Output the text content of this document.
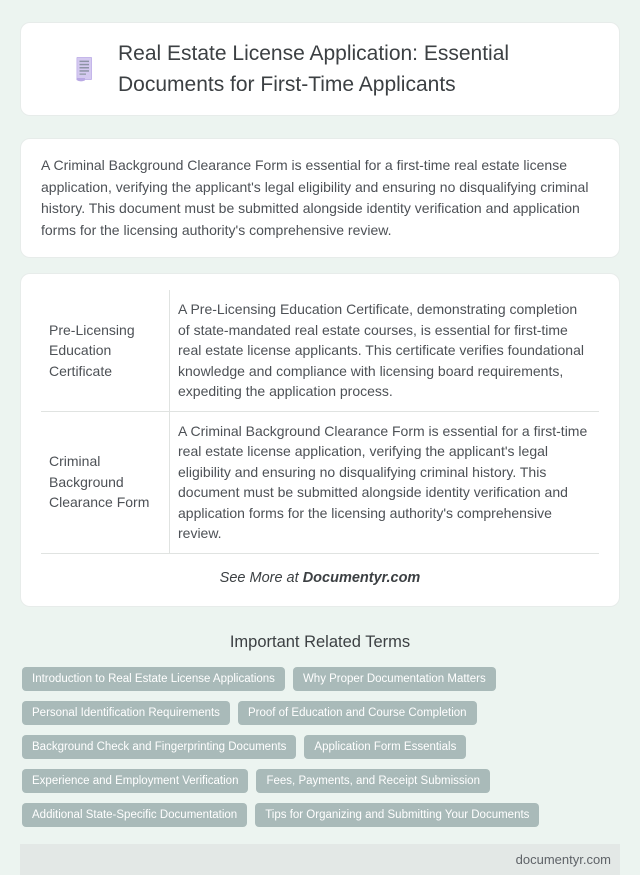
Real Estate License Application: Essential Documents for First-Time Applicants

A Criminal Background Clearance Form is essential for a first-time real estate license application, verifying the applicant's legal eligibility and ensuring no disqualifying criminal history. This document must be submitted alongside identity verification and application forms for the licensing authority's comprehensive review.

Pre-Licensing Education Certificate	A Pre-Licensing Education Certificate, demonstrating completion of state-mandated real estate courses, is essential for first-time real estate license applicants. This certificate verifies foundational knowledge and compliance with licensing board requirements, expediting the application process.
Criminal Background Clearance Form	A Criminal Background Clearance Form is essential for a first-time real estate license application, verifying the applicant's legal eligibility and ensuring no disqualifying criminal history. This document must be submitted alongside identity verification and application forms for the licensing authority's comprehensive review.

See More at Documentyr.com

Important Related Terms
Introduction to Real Estate License Applications	Why Proper Documentation Matters
Personal Identification Requirements	Proof of Education and Course Completion
Background Check and Fingerprinting Documents	Application Form Essentials
Experience and Employment Verification	Fees, Payments, and Receipt Submission
Additional State-Specific Documentation	Tips for Organizing and Submitting Your Documents
documentyr.com
